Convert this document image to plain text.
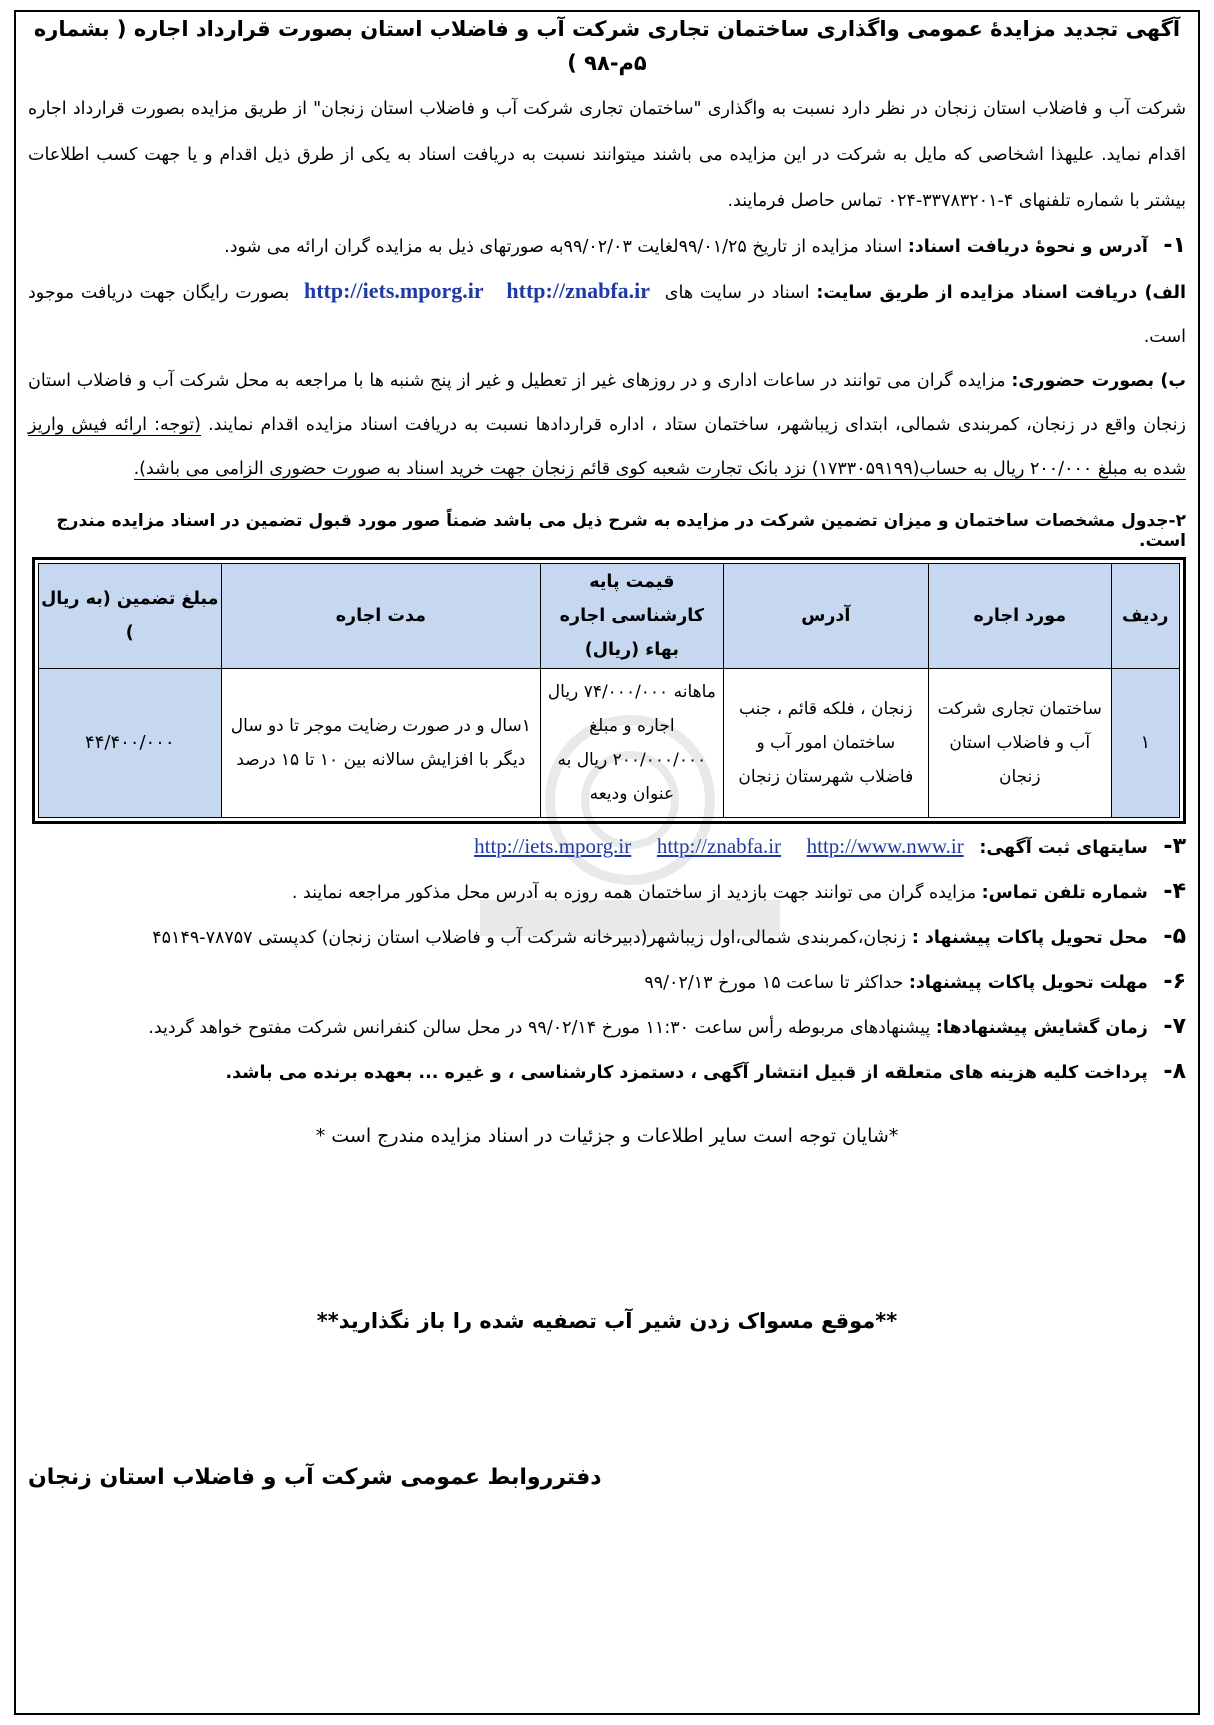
آگهی تجدید مزایدۀ عمومی واگذاری ساختمان تجاری شرکت آب و فاضلاب استان بصورت قرارداد اجاره ( بشماره ۵م-۹۸ )
شرکت آب و فاضلاب استان زنجان در نظر دارد نسبت به واگذاری "ساختمان تجاری شرکت آب و فاضلاب استان زنجان" از طریق مزایده بصورت قرارداد اجاره اقدام نماید. علیهذا اشخاصی که مایل به شرکت در این مزایده می باشند میتوانند نسبت به دریافت اسناد به یکی از طرق ذیل اقدام و یا جهت کسب اطلاعات بیشتر با شماره تلفنهای ۴-۳۳۷۸۳۲۰۱-۰۲۴ تماس حاصل فرمایند.
۱- آدرس و نحوۀ دریافت اسناد: اسناد مزایده از تاریخ ۹۹/۰۱/۲۵لغایت ۹۹/۰۲/۰۳به صورتهای ذیل به مزایده گران ارائه می شود.
الف) دریافت اسناد مزایده از طریق سایت: اسناد در سایت های http://iets.mporg.ir http://znabfa.ir بصورت رایگان جهت دریافت موجود است.
ب) بصورت حضوری: مزایده گران می توانند در ساعات اداری و در روزهای غیر از تعطیل و غیر از پنج شنبه ها با مراجعه به محل شرکت آب و فاضلاب استان زنجان واقع در زنجان، کمربندی شمالی، ابتدای زیباشهر، ساختمان ستاد ، اداره قراردادها نسبت به دریافت اسناد مزایده اقدام نمایند. (توجه: ارائه فیش واریز شده به مبلغ ۲۰۰/۰۰۰ ریال به حساب(۱۷۳۳۰۵۹۱۹۹) نزد بانک تجارت شعبه کوی قائم زنجان جهت خرید اسناد به صورت حضوری الزامی می باشد).
۲-جدول مشخصات ساختمان و میزان تضمین شرکت در مزایده به شرح ذیل می باشد ضمناً صور مورد قبول تضمین در اسناد مزایده مندرج است.
ردیف	مورد اجاره	آدرس	قیمت پایه کارشناسی اجاره بهاء (ریال)	مدت اجاره	مبلغ تضمین (به ریال )
۱	ساختمان تجاری شرکت آب و فاضلاب استان زنجان	زنجان ، فلکه قائم ، جنب ساختمان امور آب و فاضلاب شهرستان زنجان	ماهانه ۷۴/۰۰۰/۰۰۰ ریال اجاره و مبلغ ۲۰۰/۰۰۰/۰۰۰ ریال به عنوان ودیعه	۱سال و در صورت رضایت موجر تا دو سال دیگر با افزایش سالانه بین ۱۰ تا ۱۵ درصد	۴۴/۴۰۰/۰۰۰
۳- سایتهای ثبت آگهی: http://iets.mporg.ir http://znabfa.ir http://www.nww.ir
۴- شماره تلفن تماس: مزایده گران می توانند جهت بازدید از ساختمان همه روزه به آدرس محل مذکور مراجعه نمایند .
۵- محل تحویل پاکات پیشنهاد : زنجان،کمربندی شمالی،اول زیباشهر(دبیرخانه شرکت آب و فاضلاب استان زنجان) کدپستی ۷۸۷۵۷-۴۵۱۴۹
۶- مهلت تحویل پاکات پیشنهاد: حداکثر تا ساعت ۱۵ مورخ ۹۹/۰۲/۱۳
۷- زمان گشایش پیشنهادها: پیشنهادهای مربوطه رأس ساعت ۱۱:۳۰ مورخ ۹۹/۰۲/۱۴ در محل سالن کنفرانس شرکت مفتوح خواهد گردید.
۸- پرداخت کلیه هزینه های متعلقه از قبیل انتشار آگهی ، دستمزد کارشناسی ، و غیره ... بعهده برنده می باشد.
*شایان توجه است سایر اطلاعات و جزئیات در اسناد مزایده مندرج است *
**موقع مسواک زدن شیر آب تصفیه شده را باز نگذارید**
دفترروابط عمومی شرکت آب و فاضلاب استان زنجان
